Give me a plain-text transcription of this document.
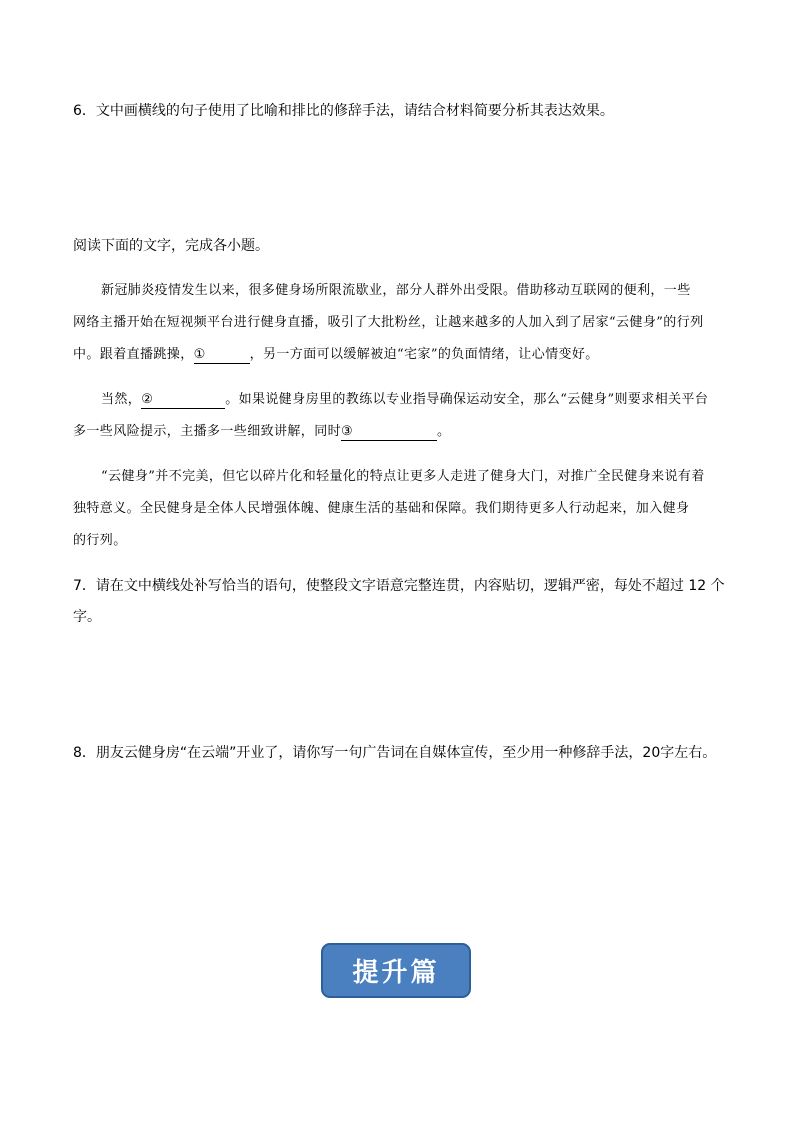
6．文中画横线的句子使用了比喻和排比的修辞手法，请结合材料简要分析其表达效果。
阅读下面的文字，完成各小题。
新冠肺炎疫情发生以来，很多健身场所限流歇业，部分人群外出受限。借助移动互联网的便利，一些
网络主播开始在短视频平台进行健身直播，吸引了大批粉丝，让越来越多的人加入到了居家“云健身”的行列
中。跟着直播跳操，①	，另一方面可以缓解被迫“宅家”的负面情绪，让心情变好。
当然，②	。如果说健身房里的教练以专业指导确保运动安全，那么“云健身”则要求相关平台
多一些风险提示，主播多一些细致讲解，同时③	。
“云健身”并不完美，但它以碎片化和轻量化的特点让更多人走进了健身大门，对推广全民健身来说有着
独特意义。全民健身是全体人民增强体魄、健康生活的基础和保障。我们期待更多人行动起来，加入健身
的行列。
7．请在文中横线处补写恰当的语句，使整段文字语意完整连贯，内容贴切，逻辑严密，每处不超过 12 个
字。
8．朋友云健身房“在云端”开业了，请你写一句广告词在自媒体宣传，至少用一种修辞手法，20字左右。
提升篇
